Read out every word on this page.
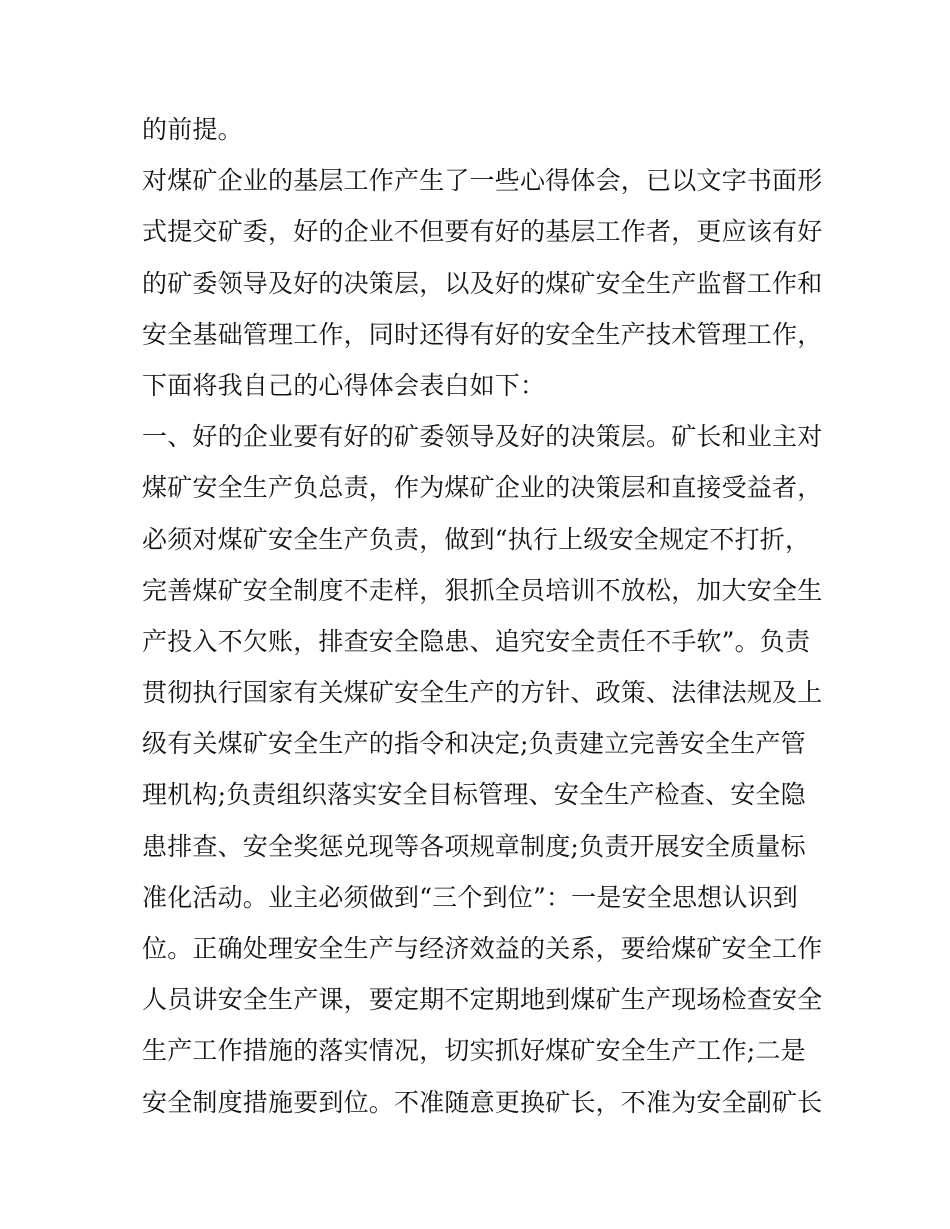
的前提。
对煤矿企业的基层工作产生了一些心得体会，已以文字书面形
式提交矿委，好的企业不但要有好的基层工作者，更应该有好
的矿委领导及好的决策层，以及好的煤矿安全生产监督工作和
安全基础管理工作，同时还得有好的安全生产技术管理工作，
下面将我自己的心得体会表白如下：
一、好的企业要有好的矿委领导及好的决策层。矿长和业主对
煤矿安全生产负总责，作为煤矿企业的决策层和直接受益者，
必须对煤矿安全生产负责，做到“执行上级安全规定不打折，
完善煤矿安全制度不走样，狠抓全员培训不放松，加大安全生
产投入不欠账，排查安全隐患、追究安全责任不手软”。负责
贯彻执行国家有关煤矿安全生产的方针、政策、法律法规及上
级有关煤矿安全生产的指令和决定;负责建立完善安全生产管
理机构;负责组织落实安全目标管理、安全生产检查、安全隐
患排查、安全奖惩兑现等各项规章制度;负责开展安全质量标
准化活动。业主必须做到“三个到位”：一是安全思想认识到
位。正确处理安全生产与经济效益的关系，要给煤矿安全工作
人员讲安全生产课，要定期不定期地到煤矿生产现场检查安全
生产工作措施的落实情况，切实抓好煤矿安全生产工作;二是
安全制度措施要到位。不准随意更换矿长，不准为安全副矿长
